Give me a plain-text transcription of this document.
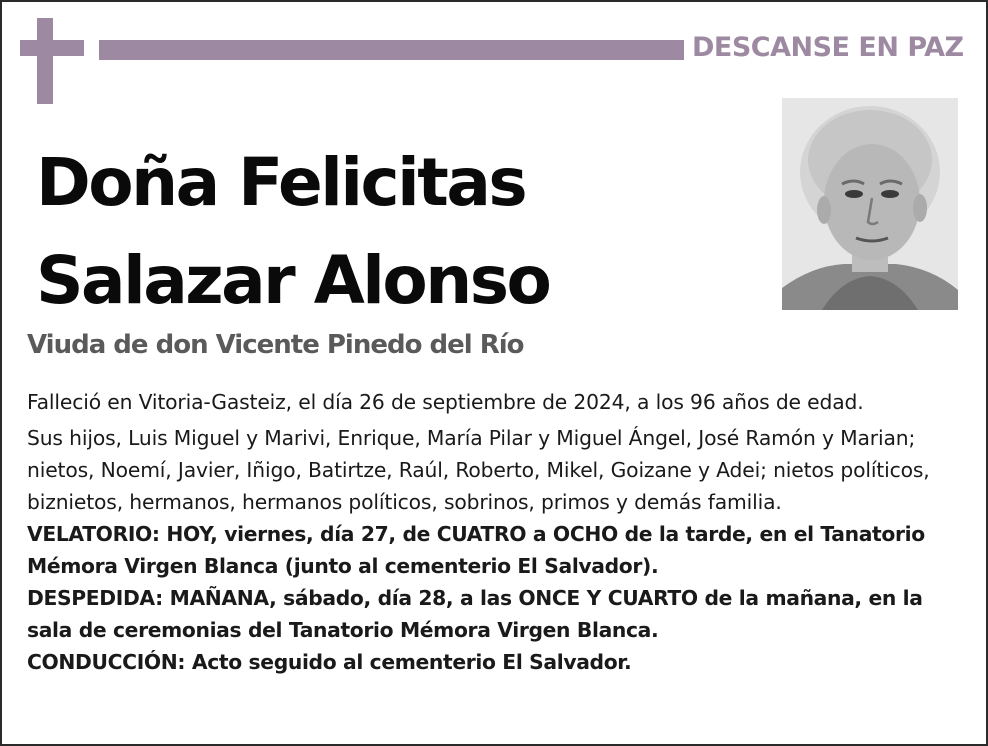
DESCANSE EN PAZ
Doña Felicitas
Salazar Alonso
Viuda de don Vicente Pinedo del Río

Falleció en Vitoria-Gasteiz, el día 26 de septiembre de 2024, a los 96 años de edad.

Sus hijos, Luis Miguel y Marivi, Enrique, María Pilar y Miguel Ángel, José Ramón y Marian; nietos, Noemí, Javier, Iñigo, Batirtze, Raúl, Roberto, Mikel, Goizane y Adei; nietos políticos, biznietos, hermanos, hermanos políticos, sobrinos, primos y demás familia.

VELATORIO: HOY, viernes, día 27, de CUATRO a OCHO de la tarde, en el Tanatorio Mémora Virgen Blanca (junto al cementerio El Salvador).

DESPEDIDA: MAÑANA, sábado, día 28, a las ONCE Y CUARTO de la mañana, en la sala de ceremonias del Tanatorio Mémora Virgen Blanca.

CONDUCCIÓN: Acto seguido al cementerio El Salvador.
